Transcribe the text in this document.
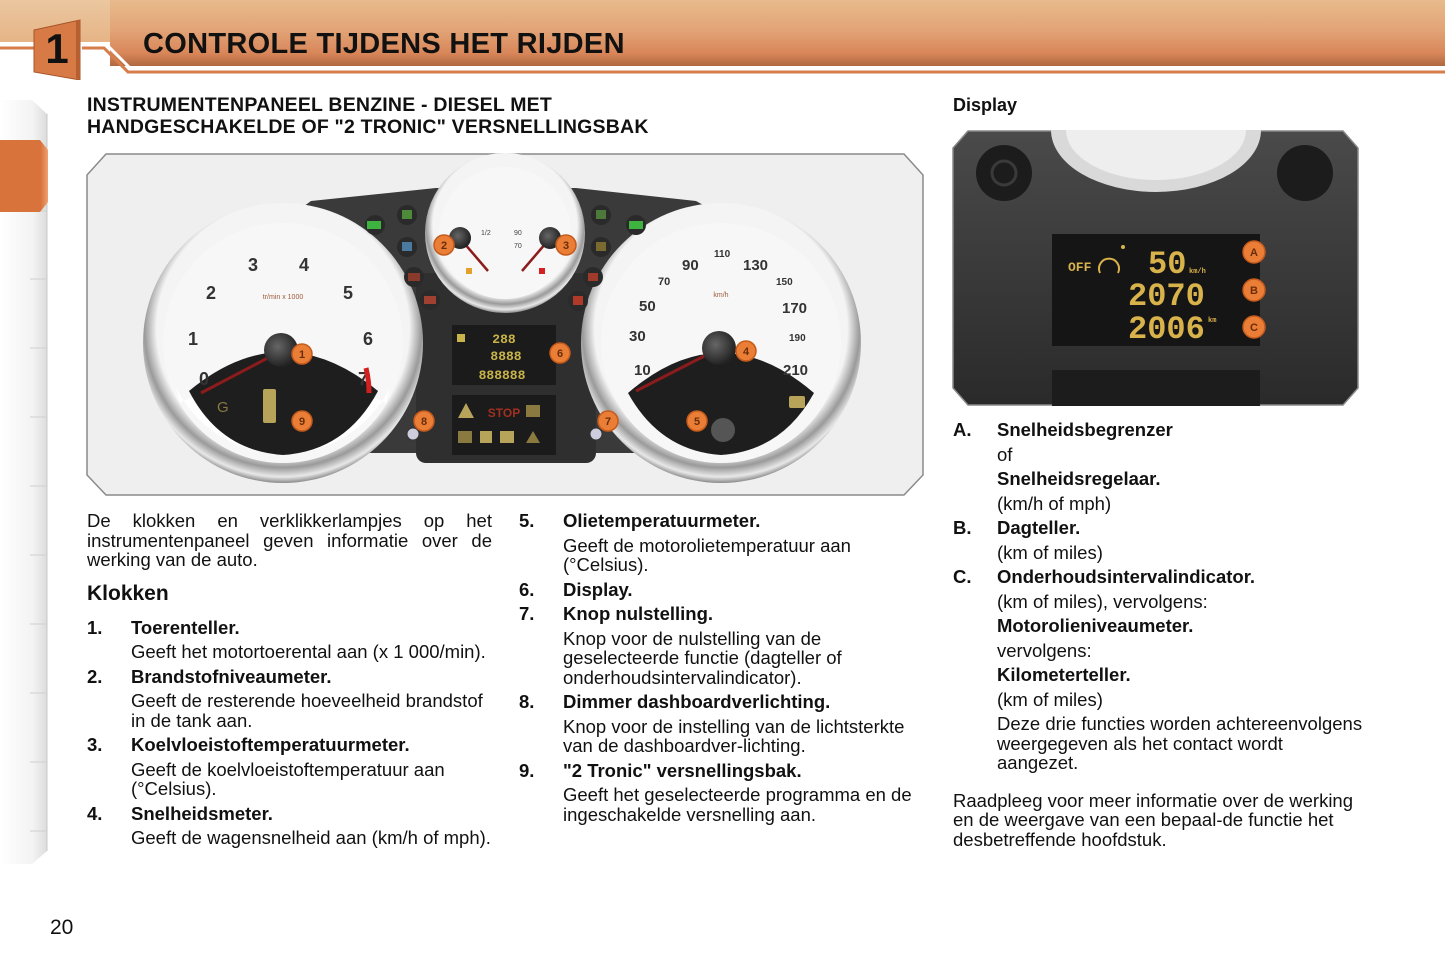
1	CONTROLE TIJDENS HET RIJDEN
INSTRUMENTENPANEEL BENZINE - DIESEL MET
HANDGESCHAKELDE OF "2 TRONIC" VERSNELLINGSBAK
Display
0
1
2
3 4
5
6
7
tr/min x 1000
G
10
30
50
70
90
110
130
150
170
190
210
km/h
1/2	90
70
288
8888
888888
STOP
1
2	3
4
5
6
7
8
9
OFF 50 km/h
2070
2006 km
A
B
C

De klokken en verklikkerlampjes op het instrumentenpaneel geven informatie over de werking van de auto.

Klokken
1. Toerenteller.
Geeft het motortoerental aan (x 1 000/min).
2. Brandstofniveaumeter.
Geeft de resterende hoeveelheid brandstof in de tank aan.
3. Koelvloeistoftemperatuurmeter.
Geeft de koelvloeistoftemperatuur aan (°Celsius).
4. Snelheidsmeter.
Geeft de wagensnelheid aan (km/h of mph).
5. Olietemperatuurmeter.
Geeft de motorolietemperatuur aan (°Celsius).
6. Display.
7. Knop nulstelling.
Knop voor de nulstelling van de geselecteerde functie (dagteller of onderhoudsintervalindicator).
8. Dimmer dashboardverlichting.
Knop voor de instelling van de lichtsterkte van de dashboardver-lichting.
9. "2 Tronic" versnellingsbak.
Geeft het geselecteerde programma en de ingeschakelde versnelling aan.
A. Snelheidsbegrenzer
of
Snelheidsregelaar.
(km/h of mph)
B. Dagteller.
(km of miles)
C. Onderhoudsintervalindicator.
(km of miles), vervolgens:
Motorolieniveaumeter.
vervolgens:
Kilometerteller.
(km of miles)
Deze drie functies worden achtereenvolgens weergegeven als het contact wordt aangezet.

Raadpleeg voor meer informatie over de werking en de weergave van een bepaal-de functie het desbetreffende hoofdstuk.

20
